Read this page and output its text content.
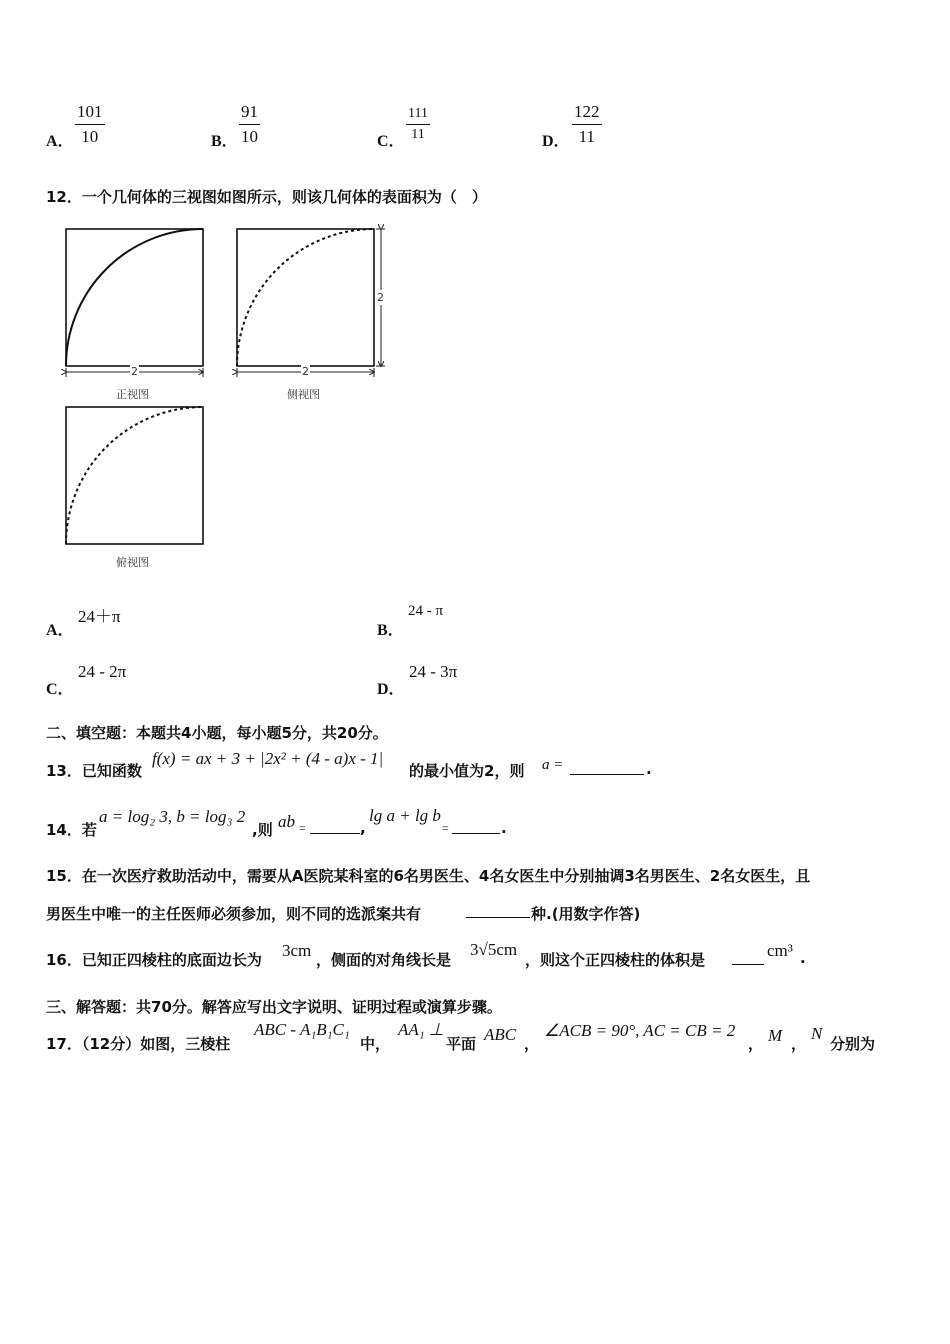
A． $\frac{101}{10}$	B． $\frac{91}{10}$	C． $\frac{111}{11}$	D． $\frac{122}{11}$
12．一个几何体的三视图如图所示，则该几何体的表面积为（　）
2	2
2
正视图	侧视图
俯视图
A．
24＋π
B．
24 - π
C．
24 - 2π
D．
24 - 3π
二、填空题：本题共4小题，每小题5分，共20分。
13．已知函数
f(x) = ax + 3 + |2x² + (4 - a)x - 1|
的最小值为2，则 a =	.
14．若
a = log₂ 3, b = log₃ 2
,则 ab =	,
lg a + lg b
=	.
15．在一次医疗救助活动中，需要从A医院某科室的6名男医生、4名女医生中分别抽调3名男医生、2名女医生，且
男医生中唯一的主任医师必须参加，则不同的选派案共有	种.(用数字作答)
16．已知正四棱柱的底面边长为 3cm ，侧面的对角线长是
3√5cm
，则这个正四棱柱的体积是	cm³ .
三、解答题：共70分。解答应写出文字说明、证明过程或演算步骤。
17．（12分）如图，三棱柱
ABC - A₁B₁C₁
中，
AA₁ ⊥
平面 ABC ，
∠ACB = 90°, AC = CB = 2
， M ，
N
分别为
